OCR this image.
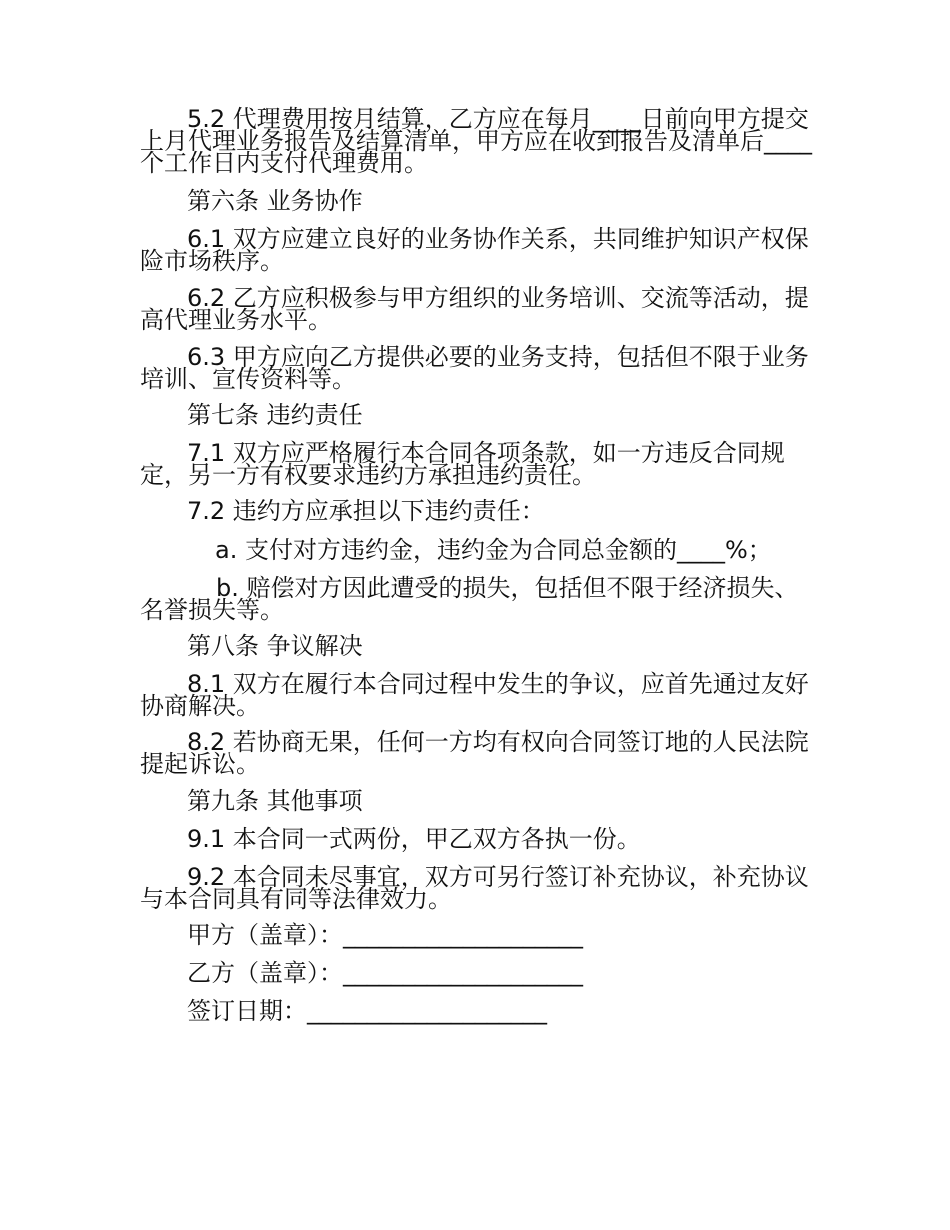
5.2 代理费用按月结算，乙方应在每月____日前向甲方提交上月代理业务报告及结算清单，甲方应在收到报告及清单后____个工作日内支付代理费用。
第六条 业务协作
6.1 双方应建立良好的业务协作关系，共同维护知识产权保险市场秩序。
6.2 乙方应积极参与甲方组织的业务培训、交流等活动，提高代理业务水平。
6.3 甲方应向乙方提供必要的业务支持，包括但不限于业务培训、宣传资料等。
第七条 违约责任
7.1 双方应严格履行本合同各项条款，如一方违反合同规定，另一方有权要求违约方承担违约责任。
7.2 违约方应承担以下违约责任：
a. 支付对方违约金，违约金为合同总金额的____%；
b. 赔偿对方因此遭受的损失，包括但不限于经济损失、名誉损失等。
第八条 争议解决
8.1 双方在履行本合同过程中发生的争议，应首先通过友好协商解决。
8.2 若协商无果，任何一方均有权向合同签订地的人民法院提起诉讼。
第九条 其他事项
9.1 本合同一式两份，甲乙双方各执一份。
9.2 本合同未尽事宜，双方可另行签订补充协议，补充协议与本合同具有同等法律效力。
甲方（盖章）：____________________
乙方（盖章）：____________________
签订日期：____________________
